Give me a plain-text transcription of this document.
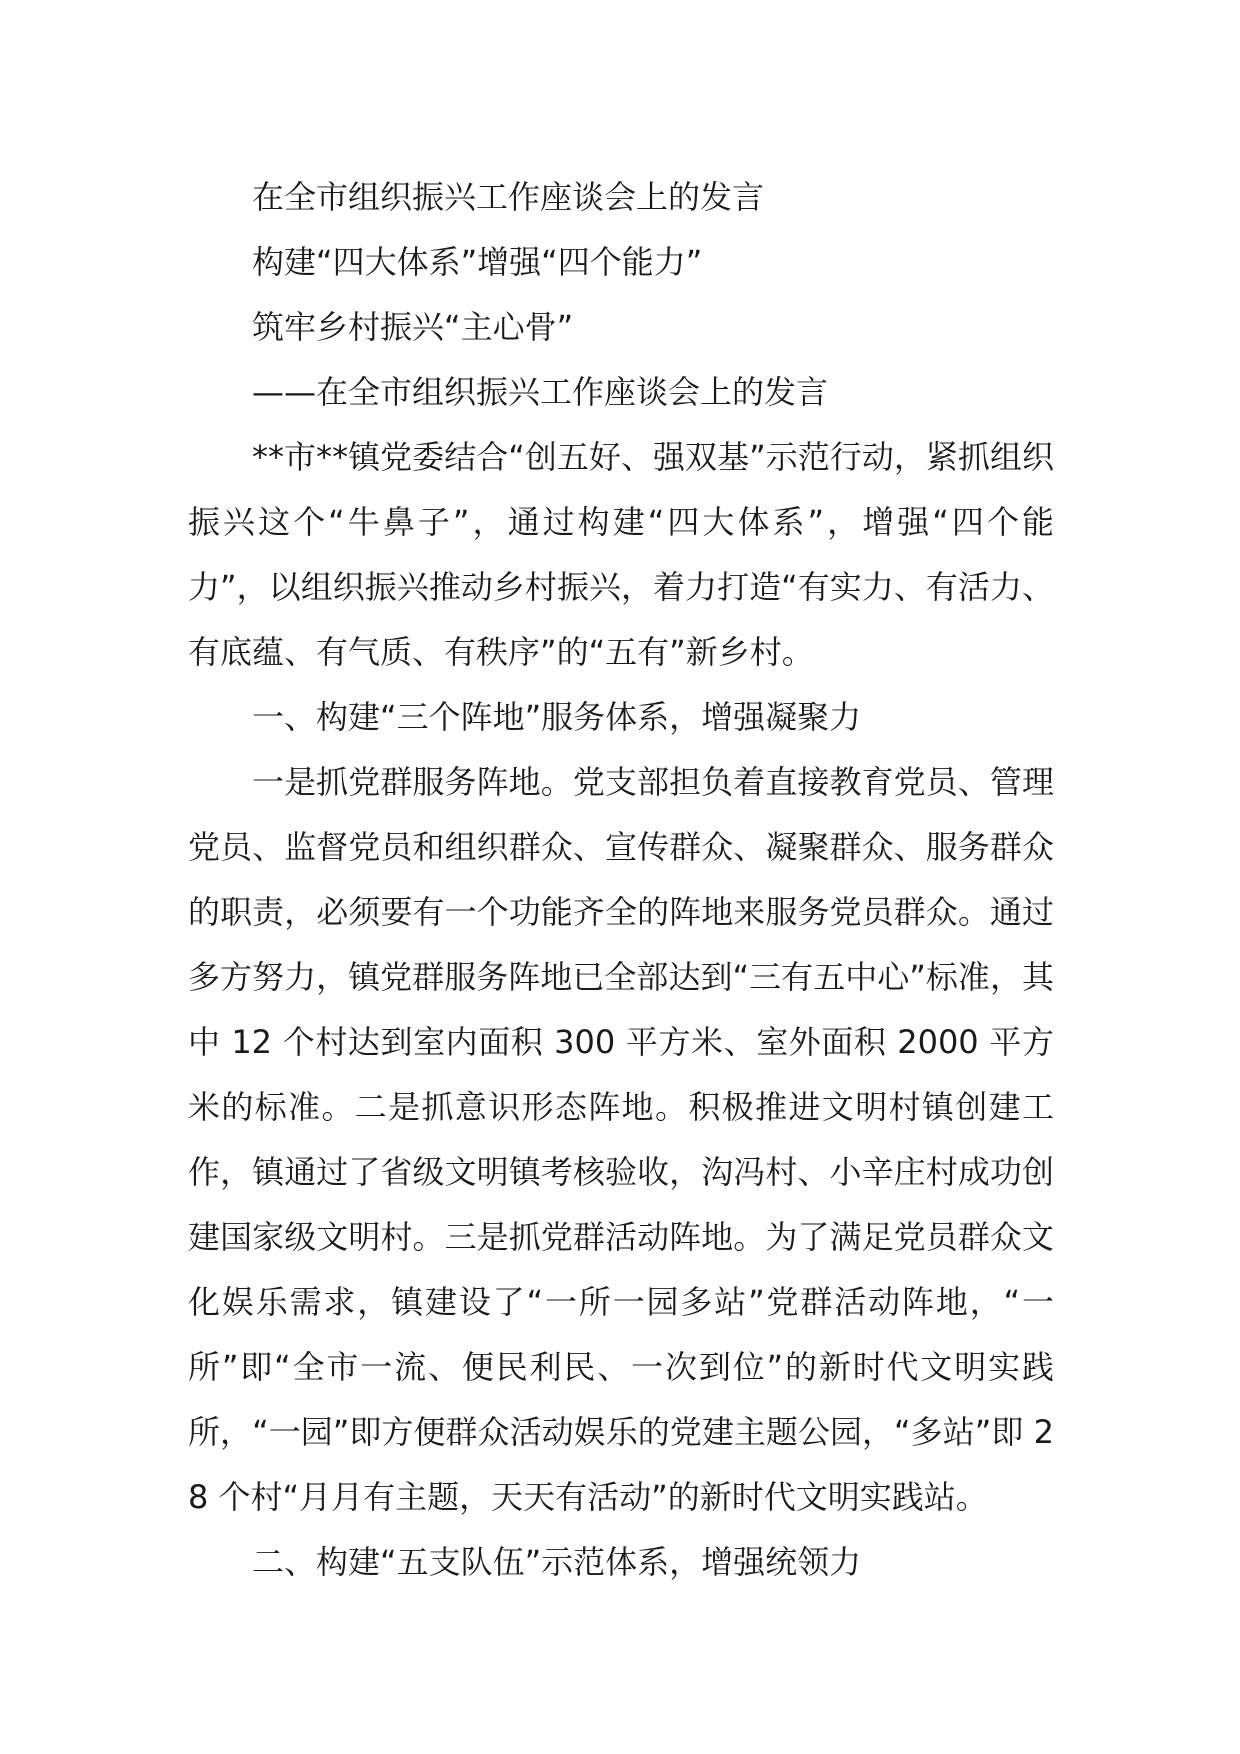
在全市组织振兴工作座谈会上的发言

构建“四大体系”增强“四个能力”

筑牢乡村振兴“主心骨”

——在全市组织振兴工作座谈会上的发言

**市**镇党委结合“创五好、强双基”示范行动，紧抓组织振兴这个“牛鼻子”，通过构建“四大体系”，增强“四个能力”，以组织振兴推动乡村振兴，着力打造“有实力、有活力、有底蕴、有气质、有秩序”的“五有”新乡村。

一、构建“三个阵地”服务体系，增强凝聚力

一是抓党群服务阵地。党支部担负着直接教育党员、管理党员、监督党员和组织群众、宣传群众、凝聚群众、服务群众的职责，必须要有一个功能齐全的阵地来服务党员群众。通过多方努力，镇党群服务阵地已全部达到“三有五中心”标准，其中 12 个村达到室内面积 300 平方米、室外面积 2000 平方米的标准。二是抓意识形态阵地。积极推进文明村镇创建工作，镇通过了省级文明镇考核验收，沟冯村、小辛庄村成功创建国家级文明村。三是抓党群活动阵地。为了满足党员群众文化娱乐需求，镇建设了“一所一园多站”党群活动阵地，“一所”即“全市一流、便民利民、一次到位”的新时代文明实践所，“一园”即方便群众活动娱乐的党建主题公园，“多站”即 28 个村“月月有主题，天天有活动”的新时代文明实践站。

二、构建“五支队伍”示范体系，增强统领力
